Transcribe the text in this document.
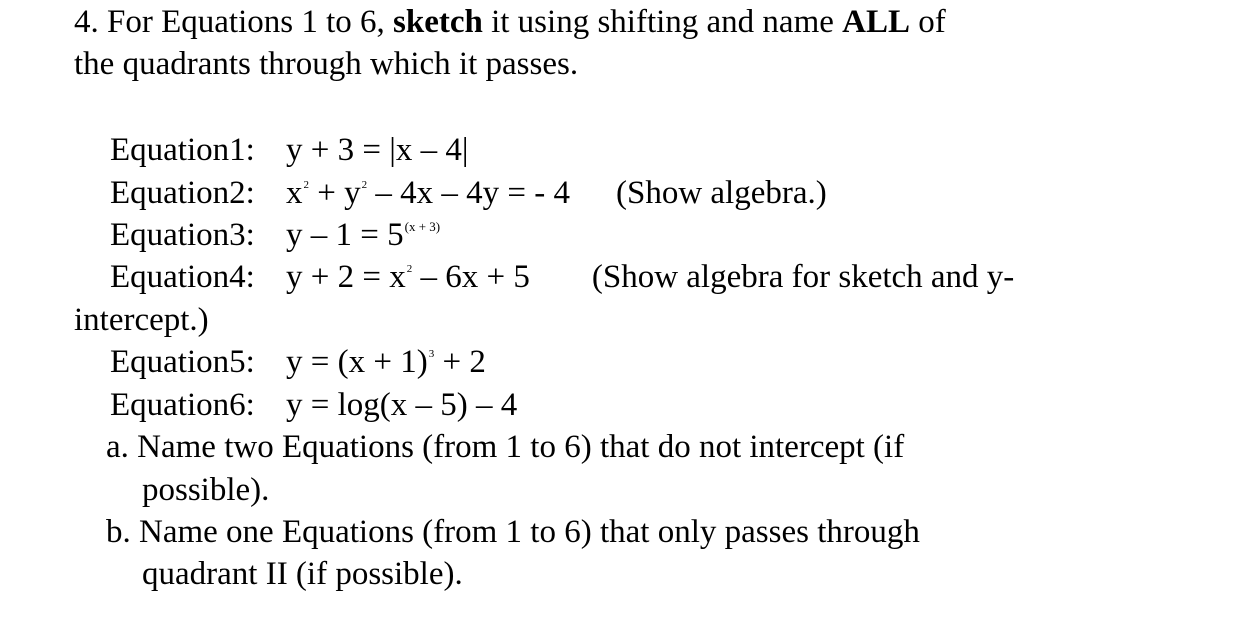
4. For Equations 1 to 6, sketch it using shifting and name ALL of
the quadrants through which it passes.
Equation1: y + 3 = |x – 4|
Equation2: $x^2 + y^2 - 4x - 4y$ = - 4 (Show algebra.)
Equation3: $y - 1 = 5^{(x + 3)}$
Equation4: $y + 2 = x^2 - 6x + 5$ (Show algebra for sketch and y-
intercept.)
Equation5: $y = (x + 1)^3 + 2$
Equation6: y = log(x – 5) – 4
a. Name two Equations (from 1 to 6) that do not intercept (if
possible).
b. Name one Equations (from 1 to 6) that only passes through
quadrant II (if possible).
